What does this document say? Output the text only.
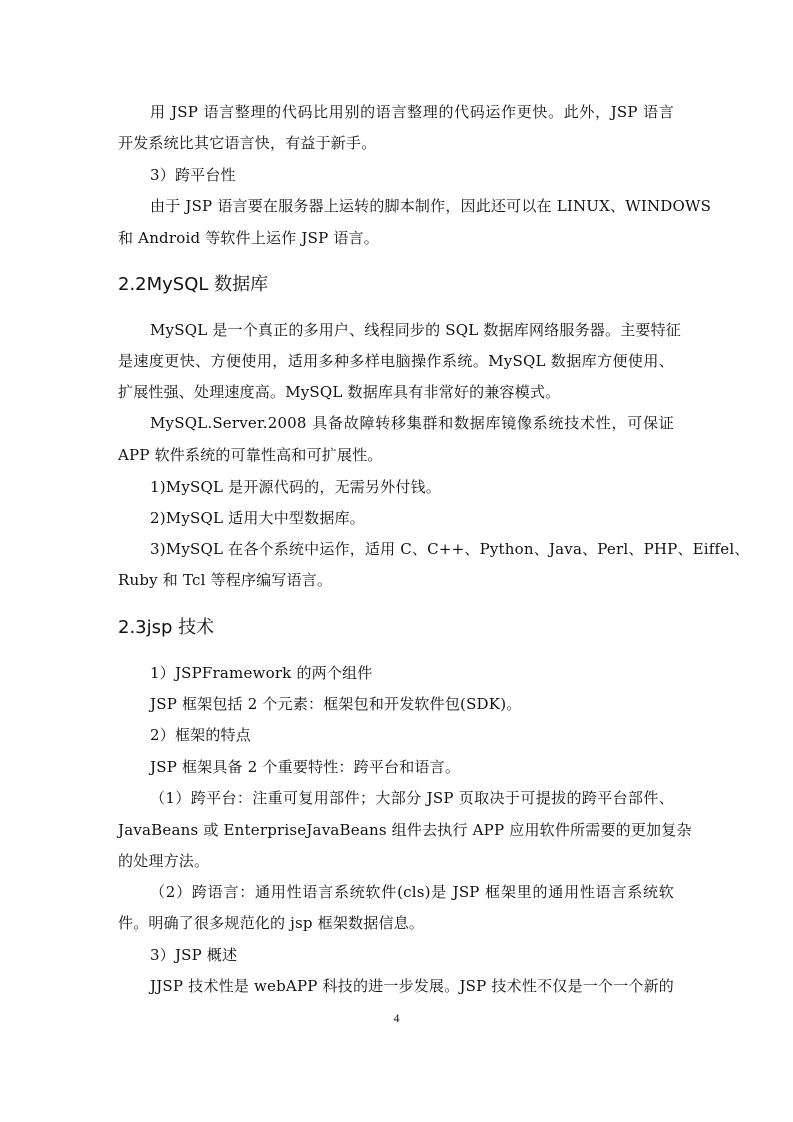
用 JSP 语言整理的代码比用别的语言整理的代码运作更快。此外，JSP 语言
开发系统比其它语言快，有益于新手。
3）跨平台性
由于 JSP 语言要在服务器上运转的脚本制作，因此还可以在 LINUX、WINDOWS
和 Android 等软件上运作 JSP 语言。
2.2MySQL 数据库
MySQL 是一个真正的多用户、线程同步的 SQL 数据库网络服务器。主要特征
是速度更快、方便使用，适用多种多样电脑操作系统。MySQL 数据库方便使用、
扩展性强、处理速度高。MySQL 数据库具有非常好的兼容模式。
MySQL.Server.2008 具备故障转移集群和数据库镜像系统技术性，可保证
APP 软件系统的可靠性高和可扩展性。
1)MySQL 是开源代码的，无需另外付钱。
2)MySQL 适用大中型数据库。
3)MySQL 在各个系统中运作，适用 C、C++、Python、Java、Perl、PHP、Eiffel、
Ruby 和 Tcl 等程序编写语言。
2.3jsp 技术
1）JSPFramework 的两个组件
JSP 框架包括 2 个元素：框架包和开发软件包(SDK)。
2）框架的特点
JSP 框架具备 2 个重要特性：跨平台和语言。
（1）跨平台：注重可复用部件；大部分 JSP 页取决于可提拔的跨平台部件、
JavaBeans 或 EnterpriseJavaBeans 组件去执行 APP 应用软件所需要的更加复杂
的处理方法。
（2）跨语言：通用性语言系统软件(cls)是 JSP 框架里的通用性语言系统软
件。明确了很多规范化的 jsp 框架数据信息。
3）JSP 概述
JJSP 技术性是 webAPP 科技的进一步发展。JSP 技术性不仅是一个一个新的
4
